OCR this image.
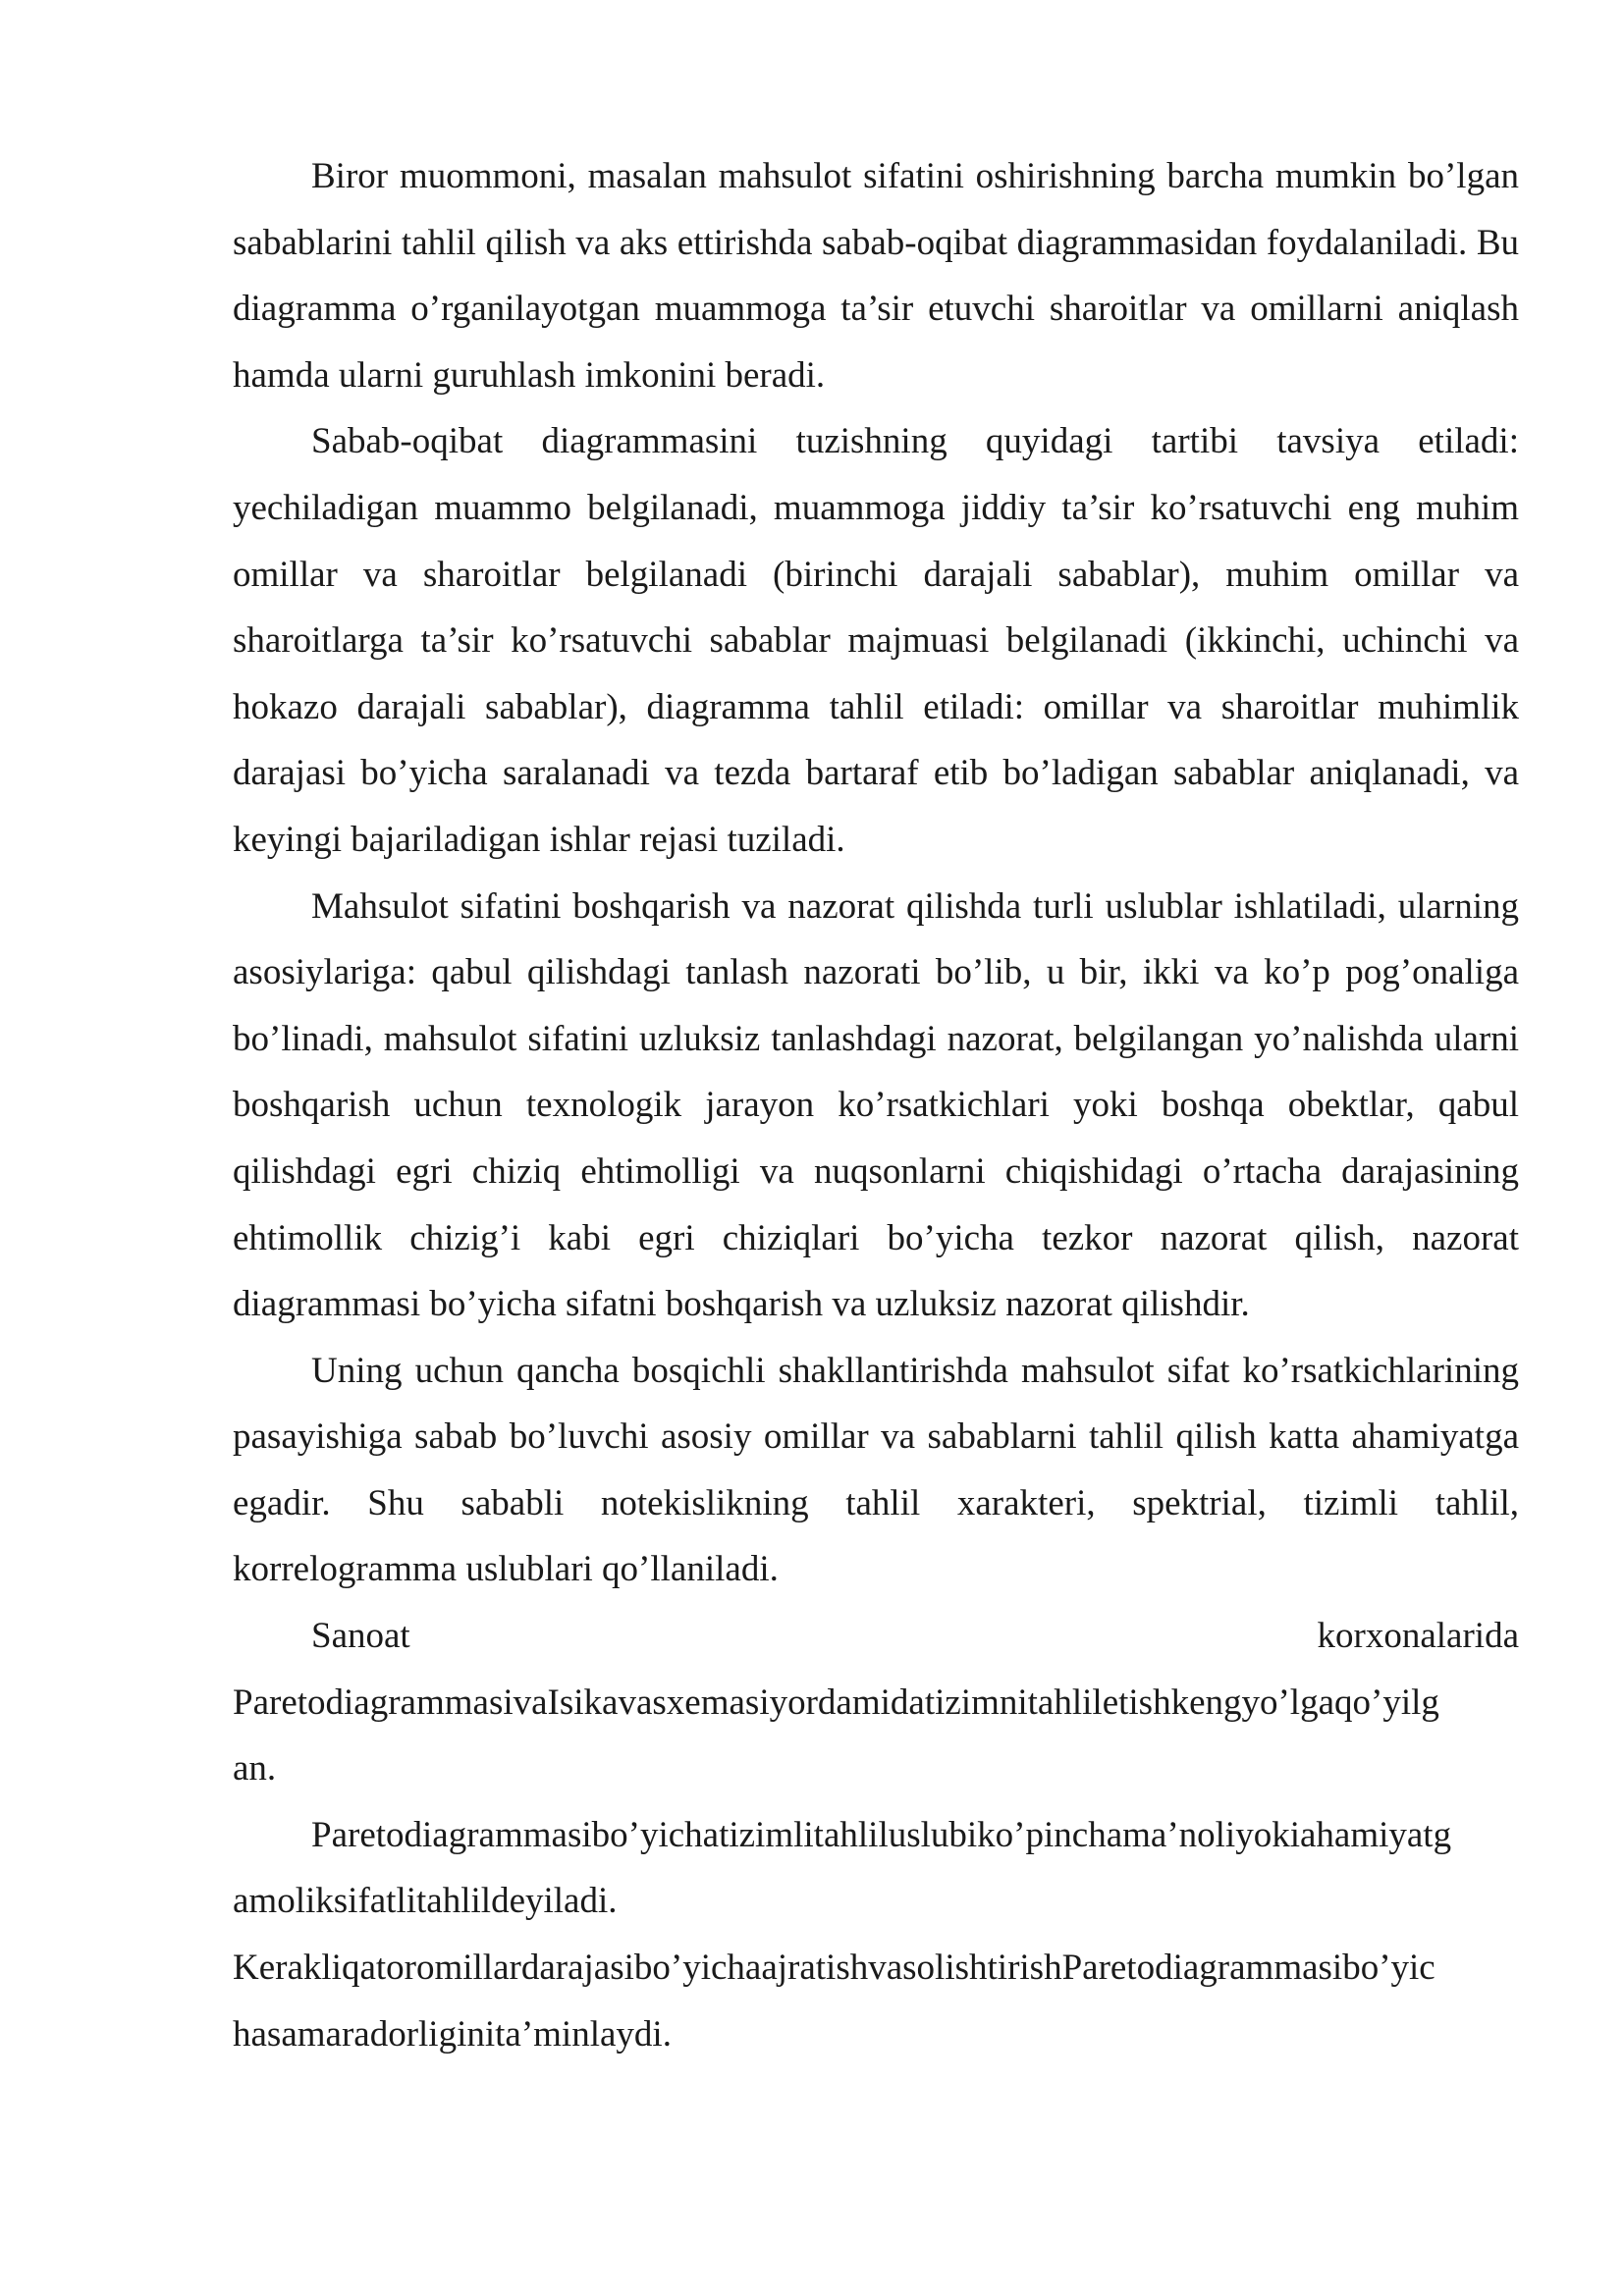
Biror muommoni, masalan mahsulot sifatini oshirishning barcha mumkin bo’lgan sabablarini tahlil qilish va aks ettirishda sabab-oqibat diagrammasidan foydalaniladi. Bu diagramma o’rganilayotgan muammoga ta’sir etuvchi sharoitlar va omillarni aniqlash hamda ularni guruhlash imkonini beradi.

Sabab-oqibat diagrammasini tuzishning quyidagi tartibi tavsiya etiladi: yechiladigan muammo belgilanadi, muammoga jiddiy ta’sir ko’rsatuvchi eng muhim omillar va sharoitlar belgilanadi (birinchi darajali sabablar), muhim omillar va sharoitlarga ta’sir ko’rsatuvchi sabablar majmuasi belgilanadi (ikkinchi, uchinchi va hokazo darajali sabablar), diagramma tahlil etiladi: omillar va sharoitlar muhimlik darajasi bo’yicha saralanadi va tezda bartaraf etib bo’ladigan sabablar aniqlanadi, va keyingi bajariladigan ishlar rejasi tuziladi.

Mahsulot sifatini boshqarish va nazorat qilishda turli uslublar ishlatiladi, ularning asosiylariga: qabul qilishdagi tanlash nazorati bo’lib, u bir, ikki va ko’p pog’onaliga bo’linadi, mahsulot sifatini uzluksiz tanlashdagi nazorat, belgilangan yo’nalishda ularni boshqarish uchun texnologik jarayon ko’rsatkichlari yoki boshqa obektlar, qabul qilishdagi egri chiziq ehtimolligi va nuqsonlarni chiqishidagi o’rtacha darajasining ehtimollik chizig’i kabi egri chiziqlari bo’yicha tezkor nazorat qilish, nazorat diagrammasi bo’yicha sifatni boshqarish va uzluksiz nazorat qilishdir.

Uning uchun qancha bosqichli shakllantirishda mahsulot sifat ko’rsatkichlarining pasayishiga sabab bo’luvchi asosiy omillar va sabablarni tahlil qilish katta ahamiyatga egadir. Shu sababli notekislikning tahlil xarakteri, spektrial, tizimli tahlil, korrelogramma uslublari qo’llaniladi.

Sanoat	korxonalarida

ParetodiagrammasivaIsikavasxemasiyordamidatizimnitahliletishkengyo’lgaqo’yilg
an.

Paretodiagrammasibo’yichatizimlitahliluslubiko’pinchama’noliyokiahamiyatg

amoliksifatlitahlildeyiladi.
Kerakliqatoromillardarajasibo’yichaajratishvasolishtirishParetodiagrammasibo’yic
hasamaradorliginita’minlaydi.
